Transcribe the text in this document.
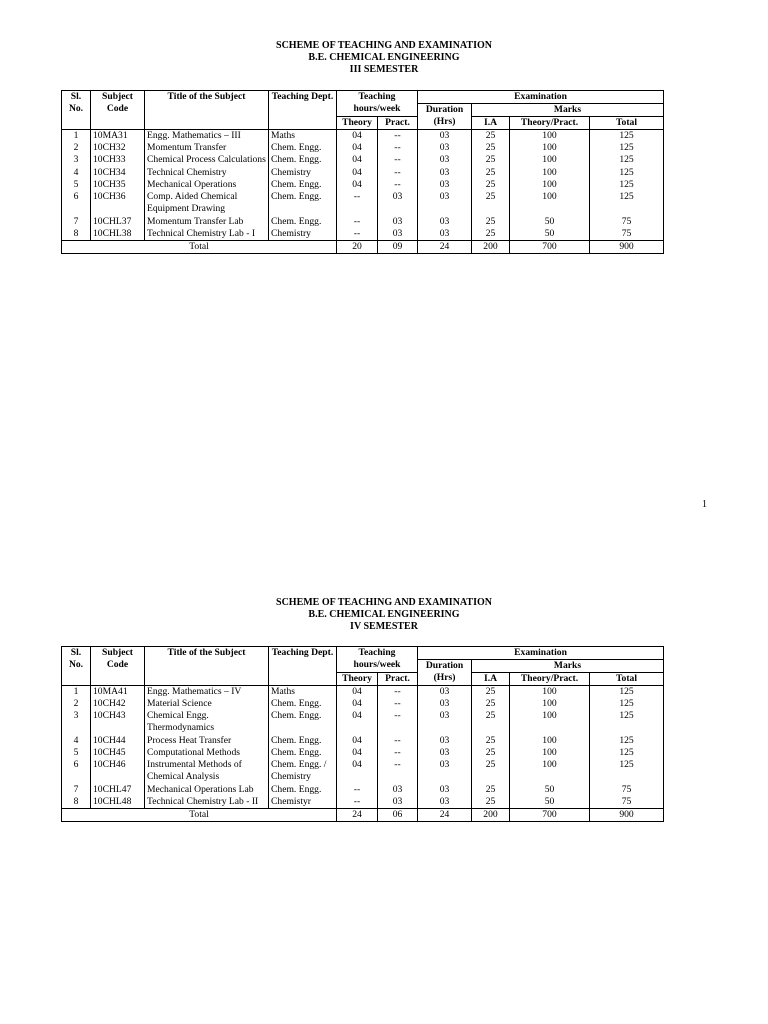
SCHEME OF TEACHING AND EXAMINATION
B.E. CHEMICAL ENGINEERING
III SEMESTER
Sl. No.	Subject Code	Title of the Subject	Teaching Dept.	Teaching hours/week		Examination			
						Duration (Hrs)	Marks		
				Theory	Pract.		I.A	Theory/Pract.	Total
1	10MA31	Engg. Mathematics – III	Maths	04	--	03	25	100	125
2	10CH32	Momentum Transfer	Chem. Engg.	04	--	03	25	100	125
3	10CH33	Chemical Process Calculations	Chem. Engg.	04	--	03	25	100	125

4	10CH34	Technical Chemistry	Chemistry	04	--	03	25	100	125
5	10CH35	Mechanical Operations	Chem. Engg.	04	--	03	25	100	125
6	10CH36	Comp. Aided Chemical Equipment Drawing	Chem. Engg.	--	03	03	25	100	125

7	10CHL37	Momentum Transfer Lab	Chem. Engg.	--	03	03	25	50	75
8	10CHL38	Technical Chemistry Lab - I	Chemistry	--	03	03	25	50	75
Total				20	09	24	200	700	900
1
SCHEME OF TEACHING AND EXAMINATION
B.E. CHEMICAL ENGINEERING
IV SEMESTER
Sl. No.	Subject Code	Title of the Subject	Teaching Dept.	Teaching hours/week		Examination			
						Duration (Hrs)	Marks		
				Theory	Pract.		I.A	Theory/Pract.	Total
1	10MA41	Engg. Mathematics – IV	Maths	04	--	03	25	100	125
2	10CH42	Material Science	Chem. Engg.	04	--	03	25	100	125
3	10CH43	Chemical Engg. Thermodynamics	Chem. Engg.	04	--	03	25	100	125

4	10CH44	Process Heat Transfer	Chem. Engg.	04	--	03	25	100	125
5	10CH45	Computational Methods	Chem. Engg.	04	--	03	25	100	125
6	10CH46	Instrumental Methods of Chemical Analysis	Chem. Engg. / Chemistry	04	--	03	25	100	125

7	10CHL47	Mechanical Operations Lab	Chem. Engg.	--	03	03	25	50	75
8	10CHL48	Technical Chemistry Lab - II	Chemistyr	--	03	03	25	50	75
Total				24	06	24	200	700	900
